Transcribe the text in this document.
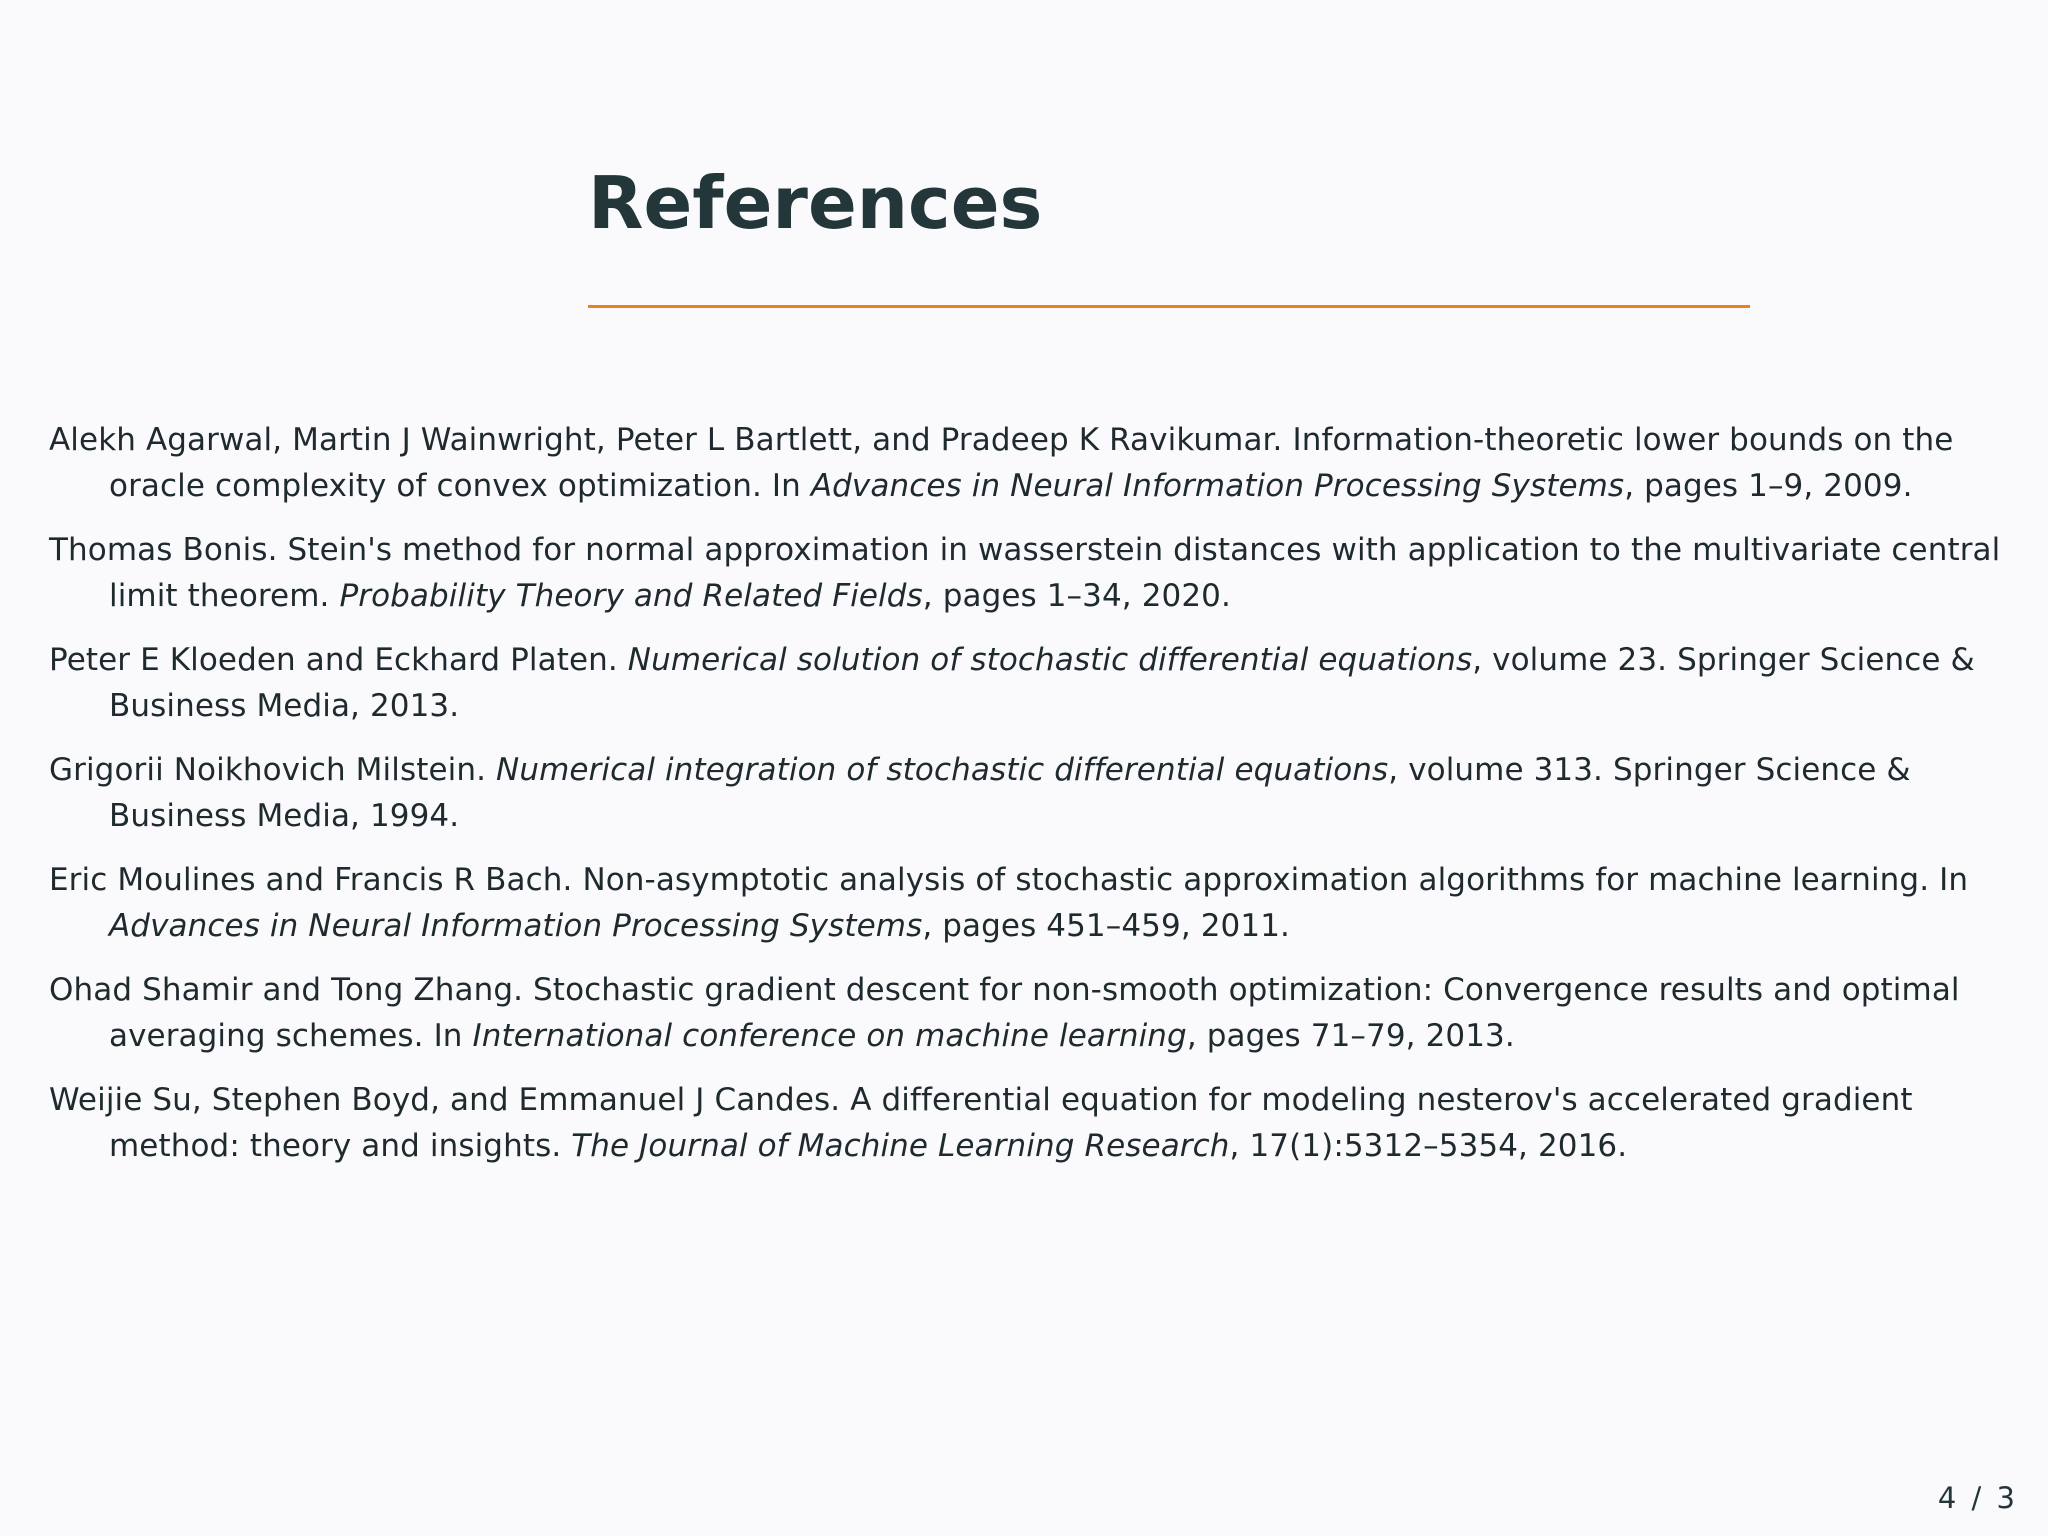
References
Alekh Agarwal, Martin J Wainwright, Peter L Bartlett, and Pradeep K Ravikumar. Information-theoretic lower bounds on the oracle complexity of convex optimization. In Advances in Neural Information Processing Systems, pages 1–9, 2009.
Thomas Bonis. Stein's method for normal approximation in wasserstein distances with application to the multivariate central limit theorem. Probability Theory and Related Fields, pages 1–34, 2020.
Peter E Kloeden and Eckhard Platen. Numerical solution of stochastic differential equations, volume 23. Springer Science & Business Media, 2013.
Grigorii Noikhovich Milstein. Numerical integration of stochastic differential equations, volume 313. Springer Science & Business Media, 1994.
Eric Moulines and Francis R Bach. Non-asymptotic analysis of stochastic approximation algorithms for machine learning. In Advances in Neural Information Processing Systems, pages 451–459, 2011.
Ohad Shamir and Tong Zhang. Stochastic gradient descent for non-smooth optimization: Convergence results and optimal averaging schemes. In International conference on machine learning, pages 71–79, 2013.
Weijie Su, Stephen Boyd, and Emmanuel J Candes. A differential equation for modeling nesterov's accelerated gradient method: theory and insights. The Journal of Machine Learning Research, 17(1):5312–5354, 2016.
4 / 3
